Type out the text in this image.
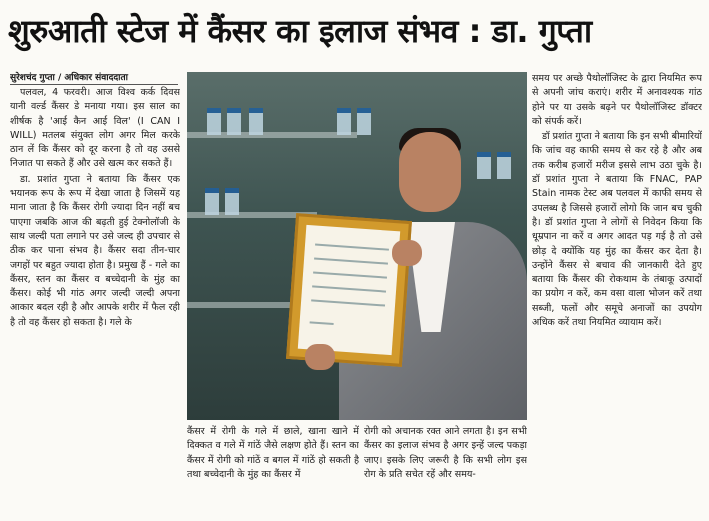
शुरुआती स्टेज में कैंसर का इलाज संभव : डा. गुप्ता
सुरेशचंद गुप्ता / अधिकार संवाददाता

पलवल, 4 फरवरी। आज विश्व कर्क दिवस यानी वर्ल्ड कैंसर डे मनाया गया। इस साल का शीर्षक है 'आई कैन आई विल' (I CAN I WILL) मतलब संयुक्त लोग अगर मिल करके ठान लें कि कैंसर को दूर करना है तो वह उससे निजात पा सकते हैं और उसे खत्म कर सकते हैं।

डा. प्रशांत गुप्ता ने बताया कि कैंसर एक भयानक रूप के रूप में देखा जाता है जिसमें यह माना जाता है कि कैंसर रोगी ज्यादा दिन नहीं बच पाएगा जबकि आज की बढ़ती हुई टेक्नोलॉजी के साथ जल्दी पता लगाने पर उसे जल्द ही उपचार से ठीक कर पाना संभव है। कैंसर सदा तीन-चार जगहों पर बहुत ज्यादा होता है। प्रमुख हैं - गले का कैंसर, स्तन का कैंसर व बच्चेदानी के मुंह का कैंसर। कोई भी गांठ अगर जल्दी जल्दी अपना आकार बदल रही है और आपके शरीर में फैल रही है तो वह कैंसर हो सकता है। गले के

कैंसर में रोगी के गले में छाले, खाना खाने में दिक्कत व गले में गांठें जैसे लक्षण होते हैं। स्तन का कैंसर में रोगी को गांठें व बगल में गांठें हो सकती है तथा बच्चेदानी के मुंह का कैंसर में

रोगी को अचानक रक्त आने लगता है। इन सभी कैंसर का इलाज संभव है अगर इन्हें जल्द पकड़ा जाए। इसके लिए जरूरी है कि सभी लोग इस रोग के प्रति सचेत रहें और समय-

समय पर अच्छे पैथोलॉजिस्ट के द्वारा नियमित रूप से अपनी जांच कराएं। शरीर में अनावश्यक गांठ होने पर या उसके बढ़ने पर पैथोलॉजिस्ट डॉक्टर को संपर्क करें।

डॉ प्रशांत गुप्ता ने बताया कि इन सभी बीमारियों कि जांच वह काफी समय से कर रहे है और अब तक करीब हजारों मरीज इससे लाभ उठा चुके है। डॉ प्रशांत गुप्ता ने बताया कि FNAC, PAP Stain नामक टेस्ट अब पलवल में काफी समय से उपलब्ध है जिससे हजारों लोगो कि जान बच चुकी है। डॉ प्रशांत गुप्ता ने लोगों से निवेदन किया कि धूम्रपान ना करें व अगर आदत पड़ गई है तो उसे छोड़ दे क्योंकि यह मुंह का कैंसर कर देता है। उन्होंने कैंसर से बचाव की जानकारी देते हुए बताया कि कैंसर की रोकथाम के तंबाकू उत्पादों का प्रयोग न करें, कम वसा वाला भोजन करें तथा सब्जी, फलों और समूचे अनाजों का उपयोग अधिक करें तथा नियमित व्यायाम करें।
